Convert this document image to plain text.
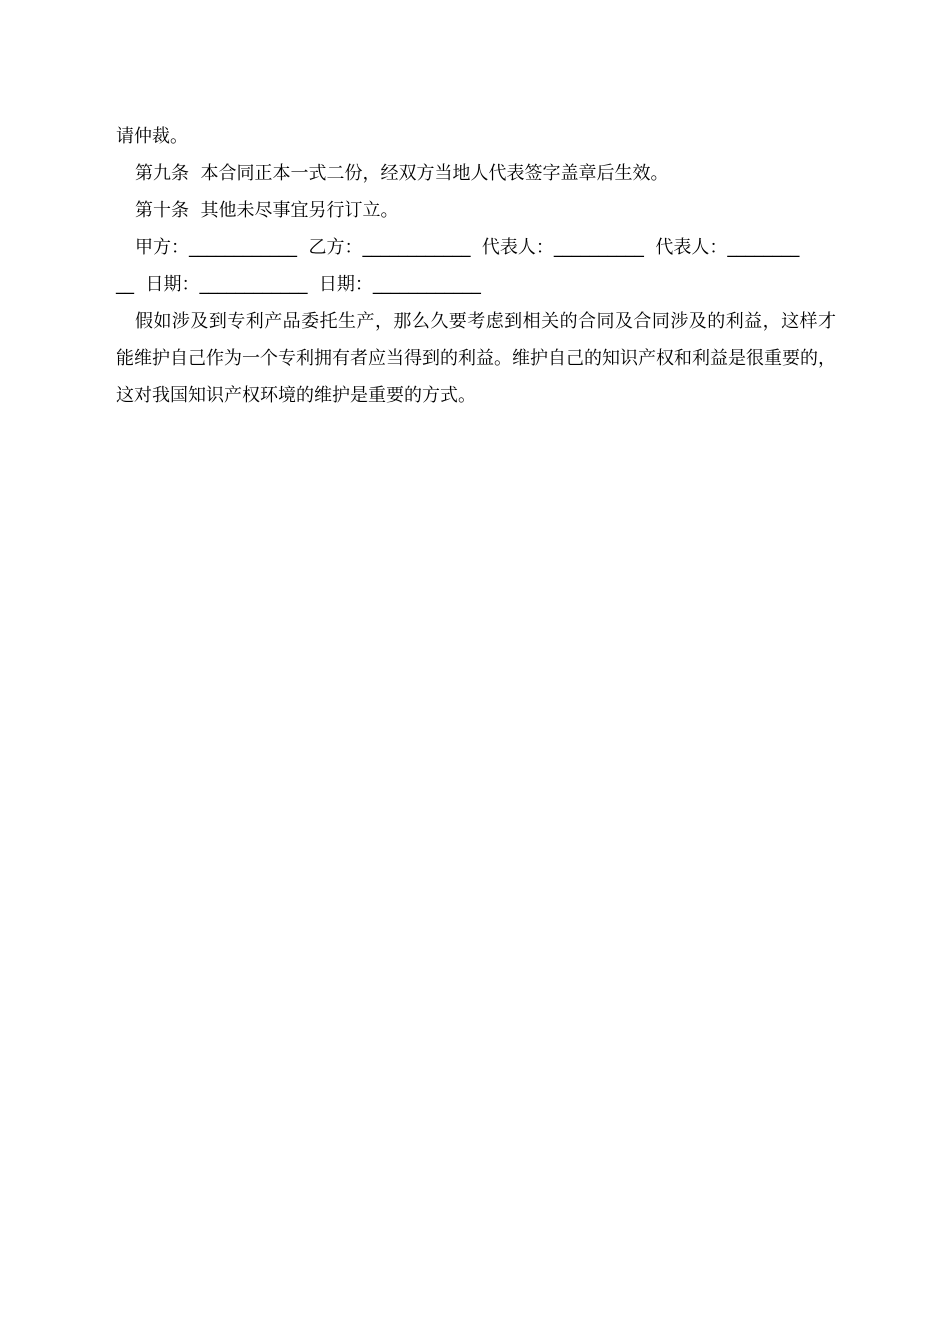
请仲裁。
第九条  本合同正本一式二份，经双方当地人代表签字盖章后生效。
第十条  其他未尽事宜另行订立。
甲方：____________  乙方：____________  代表人：__________  代表人：________
__  日期：____________  日期：____________
假如涉及到专利产品委托生产，那么久要考虑到相关的合同及合同涉及的利益，这样才能维护自己作为一个专利拥有者应当得到的利益。维护自己的知识产权和利益是很重要的，这对我国知识产权环境的维护是重要的方式。
